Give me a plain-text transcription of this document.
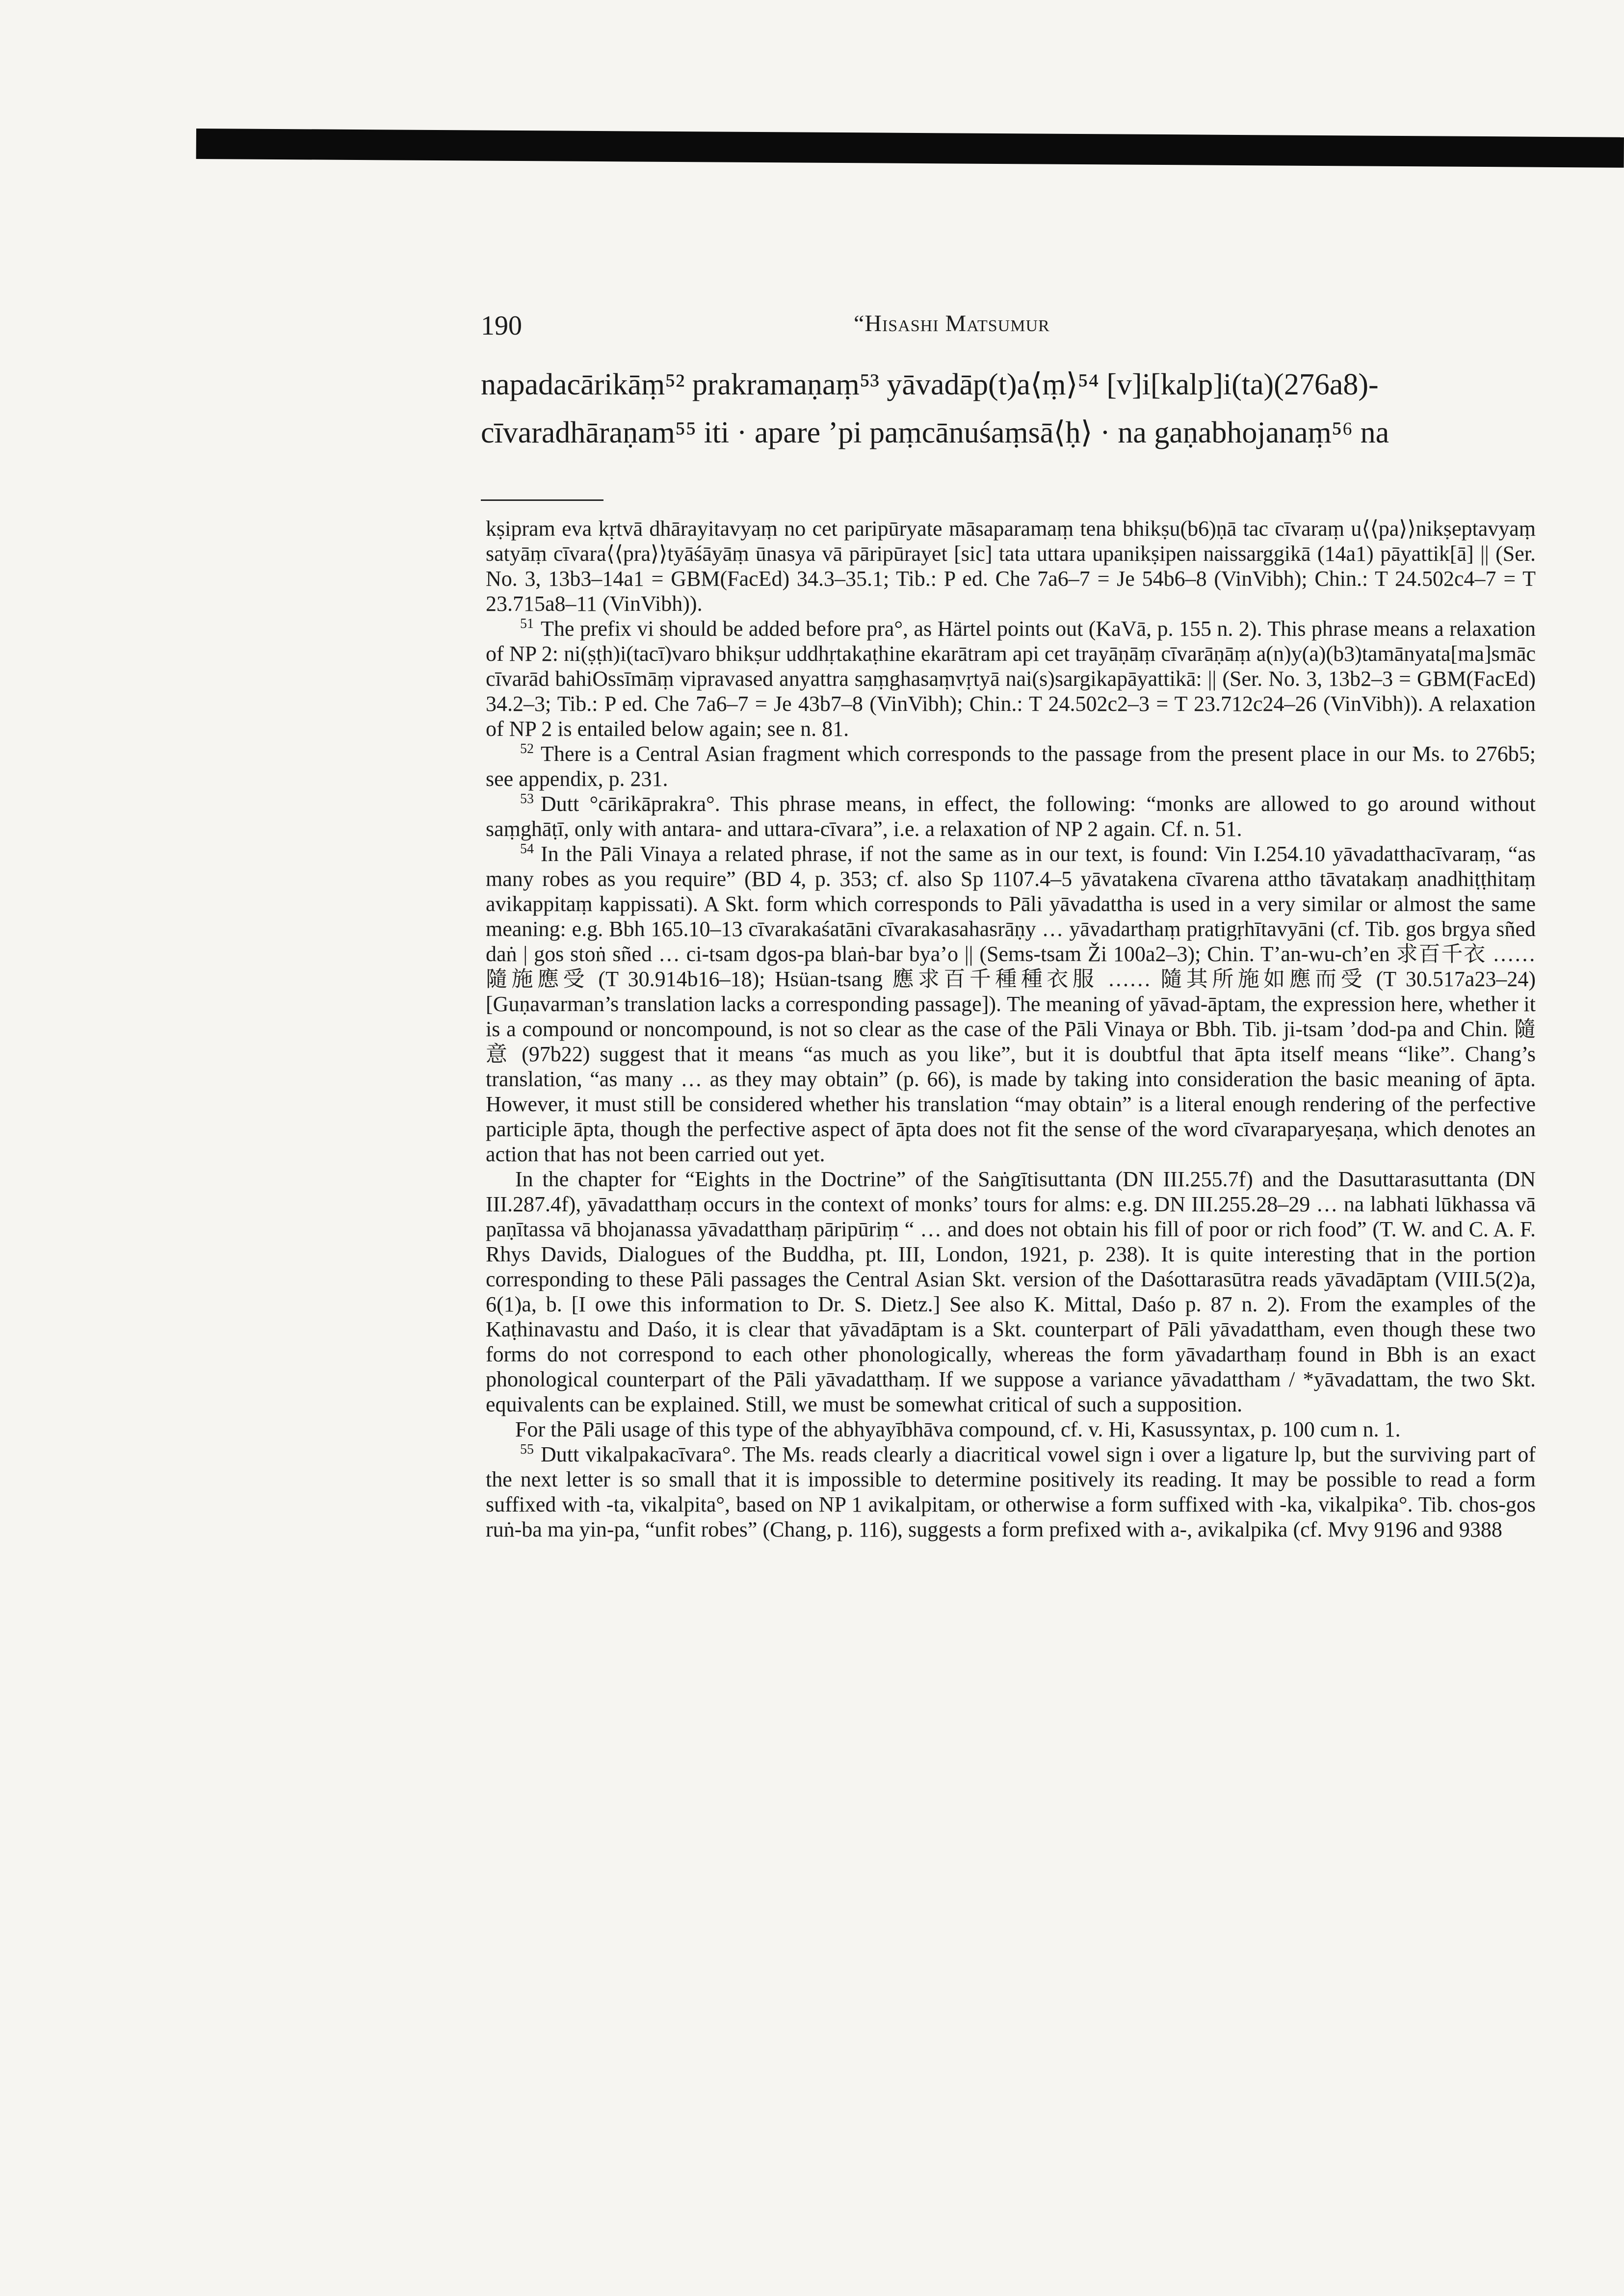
190	“Hisashi Matsumur
napadacārikāṃ⁵² prakramaṇaṃ⁵³ yāvadāp(t)a⟨ṃ⟩⁵⁴ [v]i[kalp]i(ta)(276a8)-
cīvaradhāraṇam⁵⁵ iti · apare ’pi paṃcānuśaṃsā⟨ḥ⟩ · na gaṇabhojanaṃ⁵⁶ na

kṣipram eva kṛtvā dhārayitavyaṃ no cet paripūryate māsaparamaṃ tena bhikṣu(b6)ṇā tac cīvaraṃ u⟨⟨pa⟩⟩nikṣeptavyaṃ satyāṃ cīvara⟨⟨pra⟩⟩tyāśāyāṃ ūnasya vā pāripūrayet [sic] tata uttara upanikṣipen naissarggikā (14a1) pāyattik[ā] || (Ser. No. 3, 13b3–14a1 = GBM(FacEd) 34.3–35.1; Tib.: P ed. Che 7a6–7 = Je 54b6–8 (VinVibh); Chin.: T 24.502c4–7 = T 23.715a8–11 (VinVibh)).

$^{51}$ The prefix vi should be added before pra°, as Härtel points out (KaVā, p. 155 n. 2). This phrase means a relaxation of NP 2: ni(ṣṭh)i(tacī)varo bhikṣur uddhṛtakaṭhine ekarātram api cet trayāṇāṃ cīvarāṇāṃ a(n)y(a)(b3)tamānyata[ma]smāc cīvarād bahiOssīmāṃ vipravased anyattra saṃghasaṃvṛtyā nai(s)sargikapāyattikā: || (Ser. No. 3, 13b2–3 = GBM(FacEd) 34.2–3; Tib.: P ed. Che 7a6–7 = Je 43b7–8 (VinVibh); Chin.: T 24.502c2–3 = T 23.712c24–26 (VinVibh)). A relaxation of NP 2 is entailed below again; see n. 81.

$^{52}$ There is a Central Asian fragment which corresponds to the passage from the present place in our Ms. to 276b5; see appendix, p. 231.

$^{53}$ Dutt °cārikāprakra°. This phrase means, in effect, the following: “monks are allowed to go around without saṃghāṭī, only with antara- and uttara-cīvara”, i.e. a relaxation of NP 2 again. Cf. n. 51.

$^{54}$ In the Pāli Vinaya a related phrase, if not the same as in our text, is found: Vin I.254.10 yāvadatthacīvaraṃ, “as many robes as you require” (BD 4, p. 353; cf. also Sp 1107.4–5 yāvatakena cīvarena attho tāvatakaṃ anadhiṭṭhitaṃ avikappitaṃ kappissati). A Skt. form which corresponds to Pāli yāvadattha is used in a very similar or almost the same meaning: e.g. Bbh 165.10–13 cīvarakaśatāni cīvarakasahasrāṇy … yāvadarthaṃ pratigṛhītavyāni (cf. Tib. gos brgya sñed daṅ | gos stoṅ sñed … ci-tsam dgos-pa blaṅ-bar bya’o || (Sems-tsam Ži 100a2–3); Chin. T’an-wu-ch’en 求百千衣 …… 隨施應受 (T 30.914b16–18); Hsüan-tsang 應求百千種種衣服 …… 隨其所施如應而受 (T 30.517a23–24) [Guṇavarman’s translation lacks a corresponding passage]). The meaning of yāvad-āptam, the expression here, whether it is a compound or noncompound, is not so clear as the case of the Pāli Vinaya or Bbh. Tib. ji-tsam ’dod-pa and Chin. 隨意 (97b22) suggest that it means “as much as you like”, but it is doubtful that āpta itself means “like”. Chang’s translation, “as many … as they may obtain” (p. 66), is made by taking into consideration the basic meaning of āpta. However, it must still be considered whether his translation “may obtain” is a literal enough rendering of the perfective participle āpta, though the perfective aspect of āpta does not fit the sense of the word cīvaraparyeṣaṇa, which denotes an action that has not been carried out yet.

In the chapter for “Eights in the Doctrine” of the Saṅgītisuttanta (DN III.255.7f) and the Dasuttarasuttanta (DN III.287.4f), yāvadatthaṃ occurs in the context of monks’ tours for alms: e.g. DN III.255.28–29 … na labhati lūkhassa vā paṇītassa vā bhojanassa yāvadatthaṃ pāripūriṃ “ … and does not obtain his fill of poor or rich food” (T. W. and C. A. F. Rhys Davids, Dialogues of the Buddha, pt. III, London, 1921, p. 238). It is quite interesting that in the portion corresponding to these Pāli passages the Central Asian Skt. version of the Daśottarasūtra reads yāvadāptam (VIII.5(2)a, 6(1)a, b. [I owe this information to Dr. S. Dietz.] See also K. Mittal, Daśo p. 87 n. 2). From the examples of the Kaṭhinavastu and Daśo, it is clear that yāvadāptam is a Skt. counterpart of Pāli yāvadattham, even though these two forms do not correspond to each other phonologically, whereas the form yāvadarthaṃ found in Bbh is an exact phonological counterpart of the Pāli yāvadatthaṃ. If we suppose a variance yāvadattham / *yāvadattam, the two Skt. equivalents can be explained. Still, we must be somewhat critical of such a supposition.

For the Pāli usage of this type of the abhyayībhāva compound, cf. v. Hi, Kasussyntax, p. 100 cum n. 1.

$^{55}$ Dutt vikalpakacīvara°. The Ms. reads clearly a diacritical vowel sign i over a ligature lp, but the surviving part of the next letter is so small that it is impossible to determine positively its reading. It may be possible to read a form suffixed with -ta, vikalpita°, based on NP 1 avikalpitam, or otherwise a form suffixed with -ka, vikalpika°. Tib. chos-gos ruṅ-ba ma yin-pa, “unfit robes” (Chang, p. 116), suggests a form prefixed with a-, avikalpika (cf. Mvy 9196 and 9388
